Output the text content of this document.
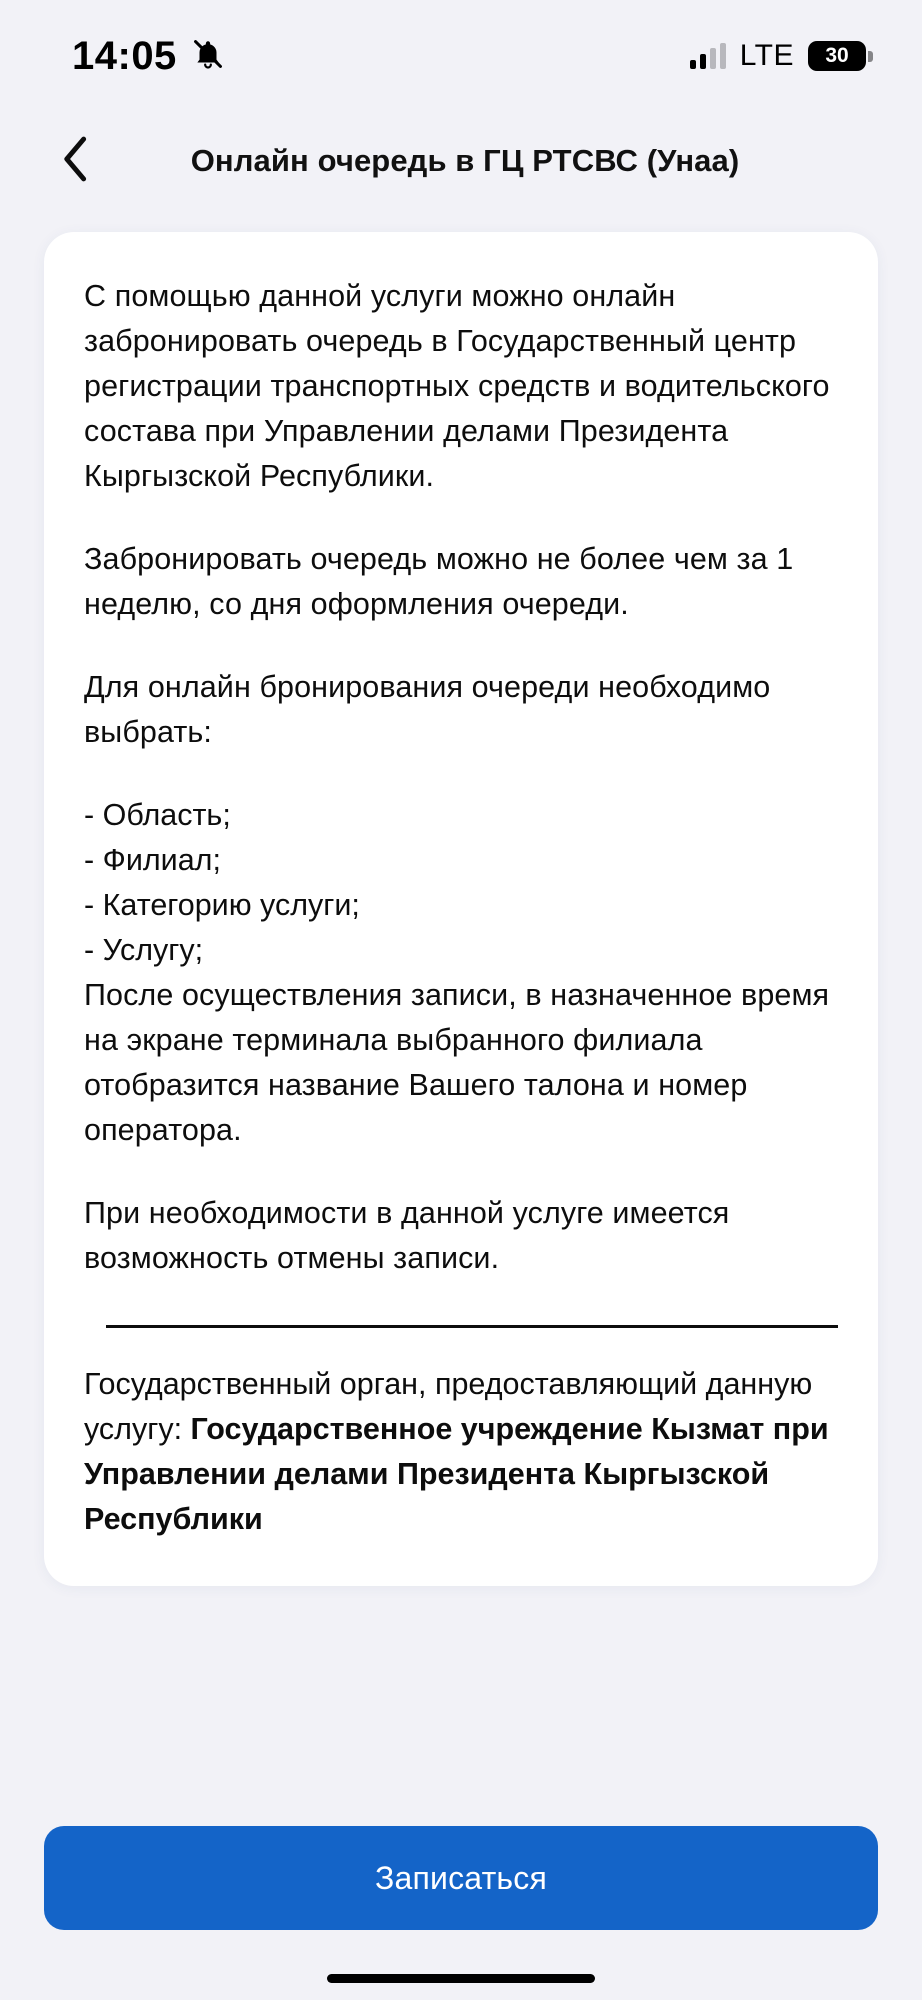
14:05	LTE 30
Онлайн очередь в ГЦ РТСВС (Унаа)

С помощью данной услуги можно онлайн забронировать очередь в Государственный центр регистрации транспортных средств и водительского состава при Управлении делами Президента Кыргызской Республики.

Забронировать очередь можно не более чем за 1 неделю, со дня оформления очереди.

Для онлайн бронирования очереди необходимо выбрать:

- Область;
- Филиал;
- Категорию услуги;
- Услугу;

После осуществления записи, в назначенное время на экране терминала выбранного филиала отобразится название Вашего талона и номер оператора.

При необходимости в данной услуге имеется возможность отмены записи.

Государственный орган, предоставляющий данную услугу: Государственное учреждение Кызмат при Управлении делами Президента Кыргызской Республики

Записаться
